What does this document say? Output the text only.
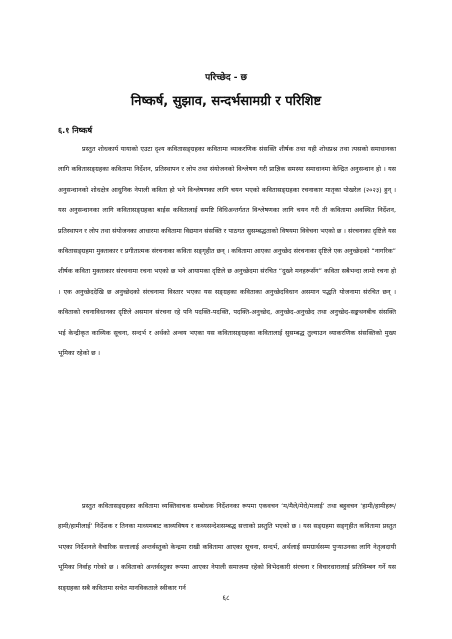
परिच्छेद - छ
निष्कर्ष, सुझाव, सन्दर्भसामग्री र परिशिष्ट
६.१ निष्कर्ष

प्रस्तुत शोधकार्य यायाको एउटा दृश्य कवितासङ्ग्रहका कवितामा व्याकरणिक संसक्ति शीर्षक तथा यही शोधप्रश्न तथा त्यसको समाधानका लागि कवितासङ्ग्रहका कवितामा निर्देशन, प्रतिस्थापन र लोप तथा संयोजनको विश्लेषण गरी प्राज्ञिक समस्या समाधानमा केन्द्रित अनुसन्धान हो । यस अनुसन्धानको शोधक्षेत्र आधुनिक नेपाली कविता हो भने विश्लेषणका लागि चयन भएको कवितासङ्ग्रहका रचनाकार मातृका पोखरेल (२०२३) हुन् । यस अनुसन्धानका लागि कवितासङ्ग्रहका बाईस कवितालाई समष्टि विधिअन्तर्गतत विश्लेषणका लागि चयन गरी ती कवितामा अवस्थित निर्देशन, प्रतिस्थापन र लोप तथा संयोजनका आधारमा कवितामा विद्यमान संसक्ति र पाठगत सुसम्बद्धताको विषयमा विवेचना भएको छ । संरचनाका दृष्टिले यस कवितासङ्ग्रहमा मुक्ताकार र प्रगीतात्मक संरचनाका कविता सङ्गृहीत छन् । कवितामा आएका अनुच्छेद संरचनाका दृष्टिले एक अनुच्छेदको “नागरिक” शीर्षक कविता मुक्ताकार संरचनामा रचना भएको छ भने आयामका दृष्टिले छ अनुच्छेदमा संरचित “दुख्ने मनहरूसँग” कविता सबैभन्दा लामो रचना हो । एक अनुच्छेददेखि छ अनुच्छेदको संरचनामा विस्तार भएका यस सङ्ग्रहका कविताका अनुच्छेदविधान असमान पद्धति योजनामा संरचित छन् । कविताको रचनाविधानका दृष्टिले असमान संरचना रहे पनि पदक्ति-पदक्ति, पदक्ति-अनुच्छेद, अनुच्छेद-अनुच्छेद तथा अनुच्छेद-सङ्कथनबीच संसक्ति भई केन्द्रीकृत काव्यिक सूचना, सन्दर्भ र अर्थको अन्वय भएका यस कवितासङ्ग्रहका कवितालाई सुसम्बद्ध तुल्याउन व्याकरणिक संसक्तिको मुख्य भूमिका रहेको छ ।

प्रस्तुत कवितासङ्ग्रहका कवितामा व्यक्तिवाचक सम्बोधक निर्देशनका रूपमा एकवचन ‘म/मैले/मेरो/मलाई’ तथा बहुवचन ‘हामी/हामीहरू/हामी/हामीलाई’ निर्देशक र तिनका माध्यमबाट काव्यविषय र कथ्यसन्देशसम्बद्ध सत्ताको प्रस्तुति भएको छ । यस सङ्ग्रहमा सङ्गृहीत कवितामा प्रस्तुत भएका निर्देशनले वैचारिक सत्तालाई अन्तर्वस्तुको केन्द्रमा राखी कवितामा आएका सूचना, सन्दर्भ, अर्थलाई समग्रार्थसम्म पुऱ्याउनका लागि नेतृत्वदायी भूमिका निर्वाह गरेको छ । कविताको अन्तर्वस्तुका रूपमा आएका नेपाली समाजमा रहेको विभेदकारी संरचना र विचारधारालाई प्रतिविम्बन गर्ने यस सङ्ग्रहका सबै कवितामा सचेत मानविकताले स्वीकार गर्न

६८
